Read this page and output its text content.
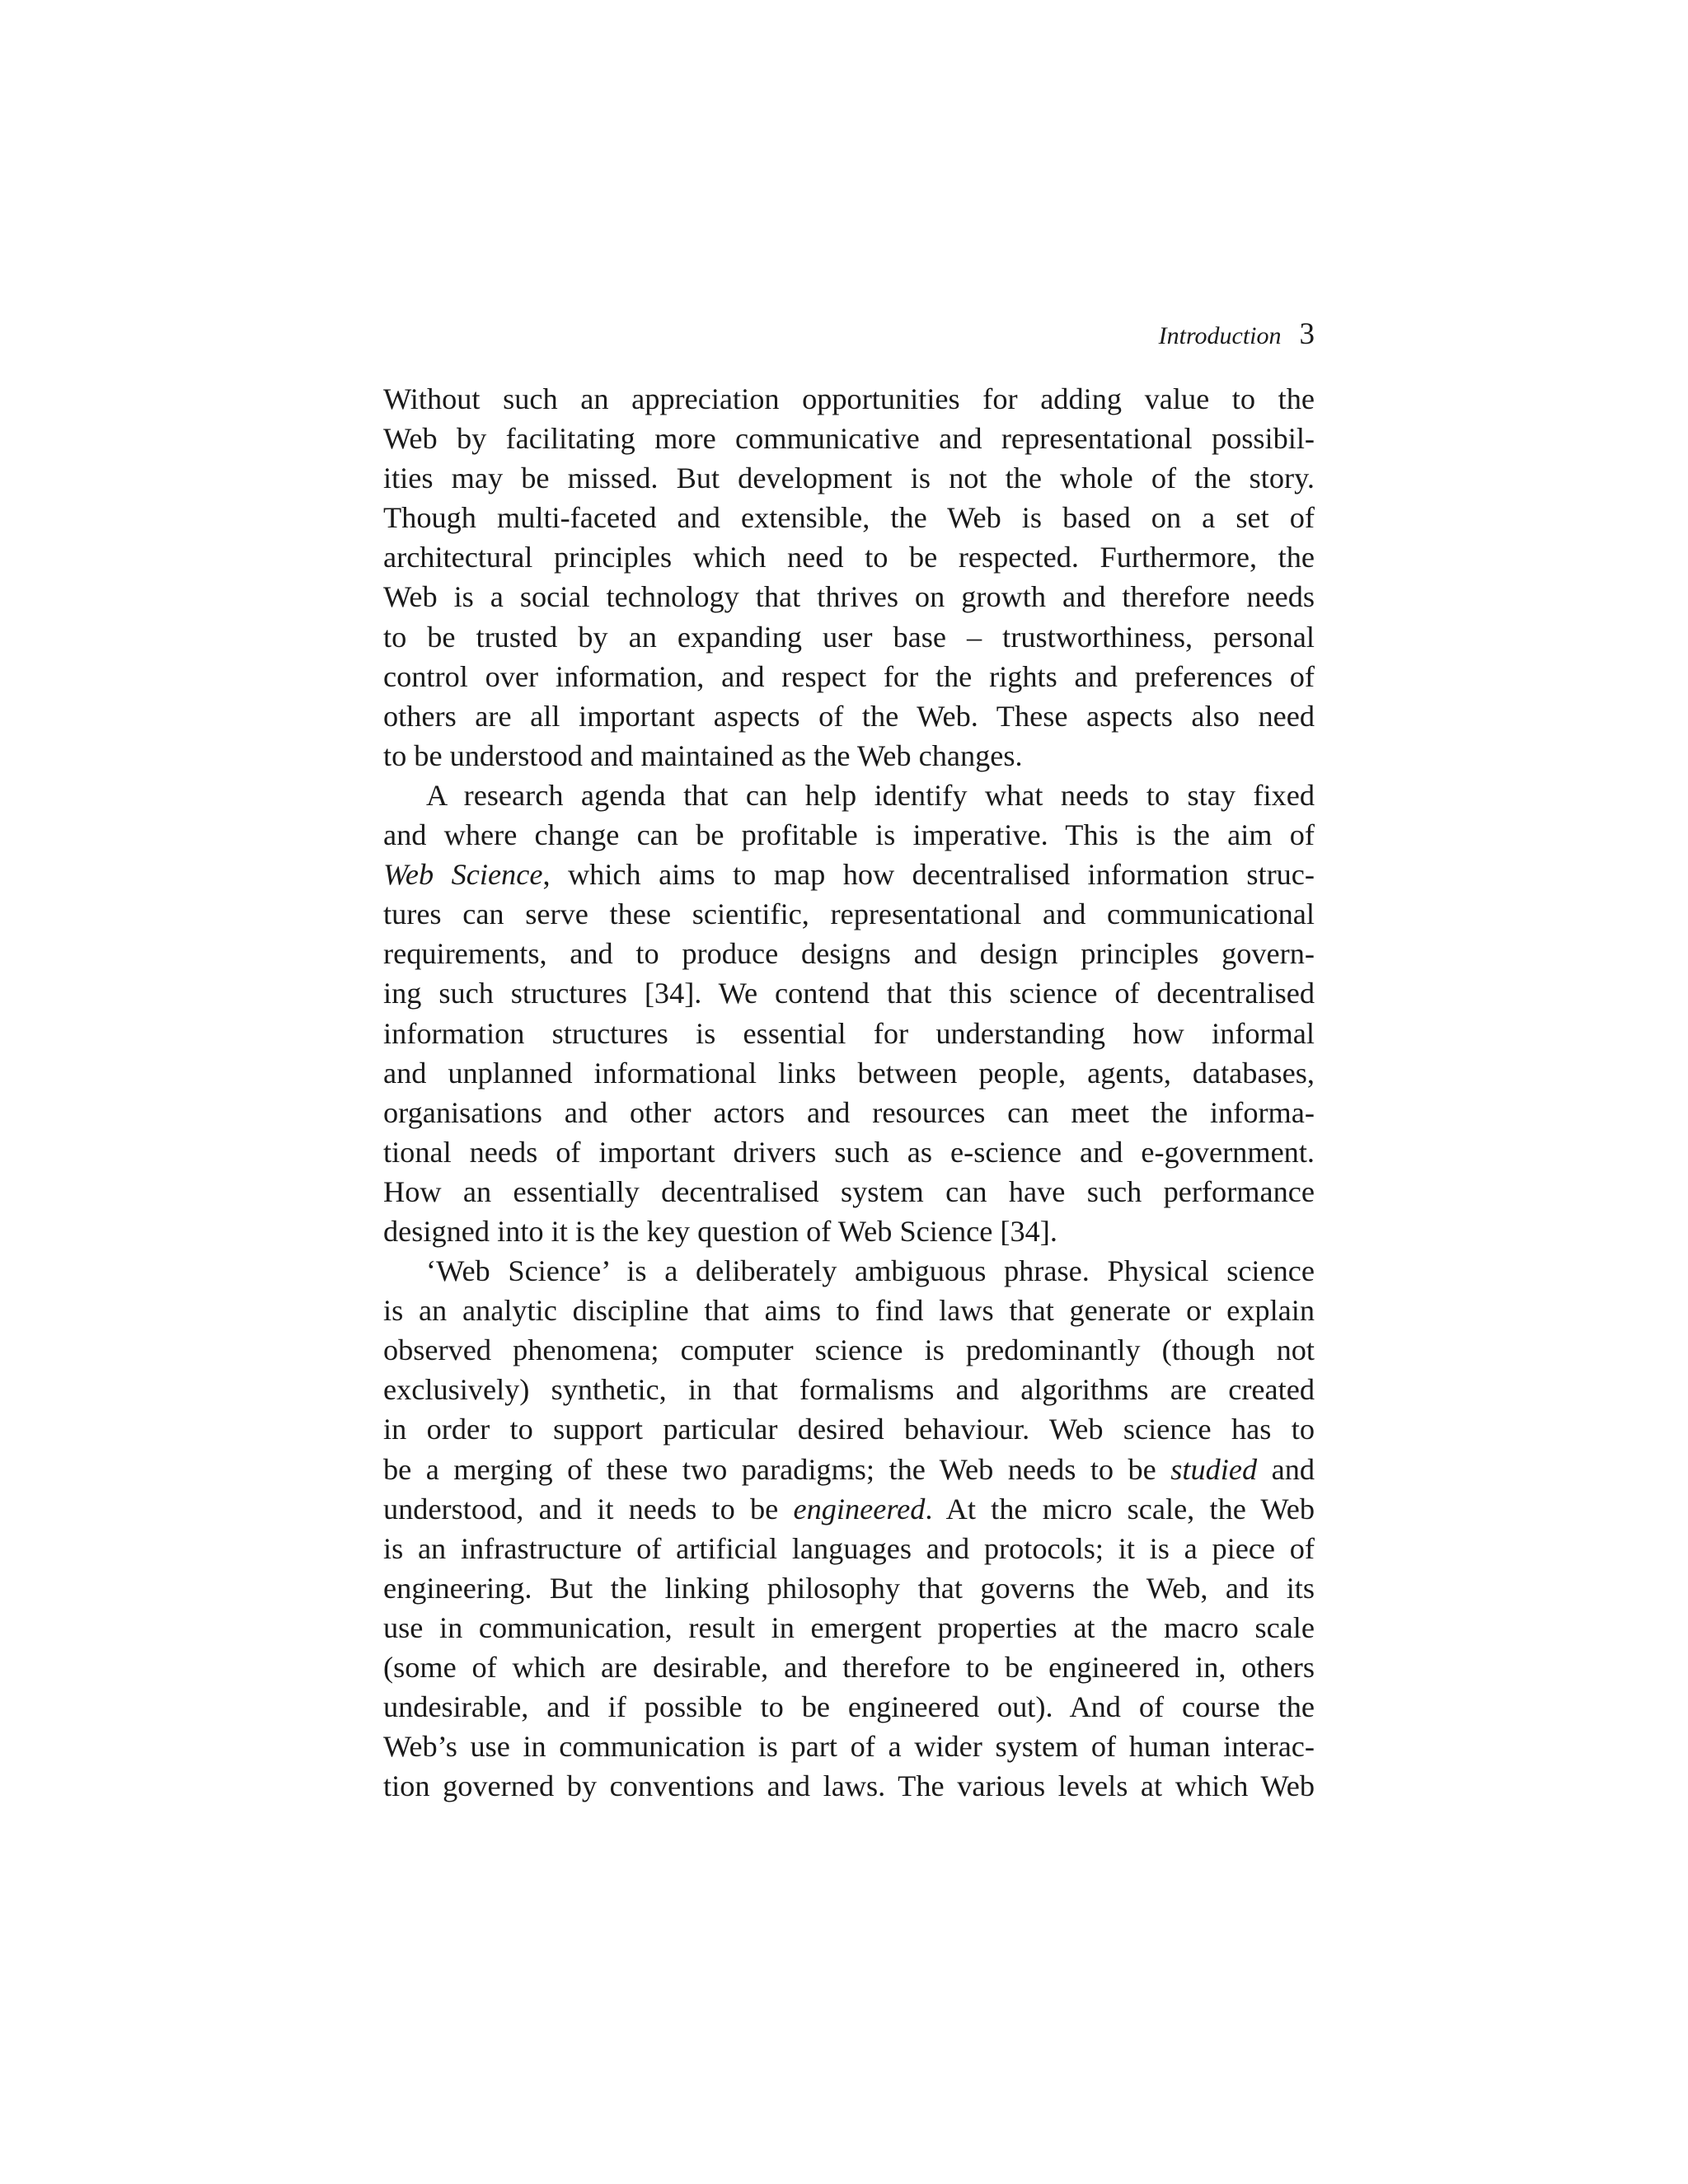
Introduction 3
Without such an appreciation opportunities for adding value to the
Web by facilitating more communicative and representational possibil-
ities may be missed. But development is not the whole of the story.
Though multi-faceted and extensible, the Web is based on a set of
architectural principles which need to be respected. Furthermore, the
Web is a social technology that thrives on growth and therefore needs
to be trusted by an expanding user base – trustworthiness, personal
control over information, and respect for the rights and preferences of
others are all important aspects of the Web. These aspects also need
to be understood and maintained as the Web changes.
A research agenda that can help identify what needs to stay fixed
and where change can be profitable is imperative. This is the aim of
Web Science, which aims to map how decentralised information struc-
tures can serve these scientific, representational and communicational
requirements, and to produce designs and design principles govern-
ing such structures [34]. We contend that this science of decentralised
information structures is essential for understanding how informal
and unplanned informational links between people, agents, databases,
organisations and other actors and resources can meet the informa-
tional needs of important drivers such as e-science and e-government.
How an essentially decentralised system can have such performance
designed into it is the key question of Web Science [34].
‘Web Science’ is a deliberately ambiguous phrase. Physical science
is an analytic discipline that aims to find laws that generate or explain
observed phenomena; computer science is predominantly (though not
exclusively) synthetic, in that formalisms and algorithms are created
in order to support particular desired behaviour. Web science has to
be a merging of these two paradigms; the Web needs to be studied and
understood, and it needs to be engineered. At the micro scale, the Web
is an infrastructure of artificial languages and protocols; it is a piece of
engineering. But the linking philosophy that governs the Web, and its
use in communication, result in emergent properties at the macro scale
(some of which are desirable, and therefore to be engineered in, others
undesirable, and if possible to be engineered out). And of course the
Web’s use in communication is part of a wider system of human interac-
tion governed by conventions and laws. The various levels at which Web
